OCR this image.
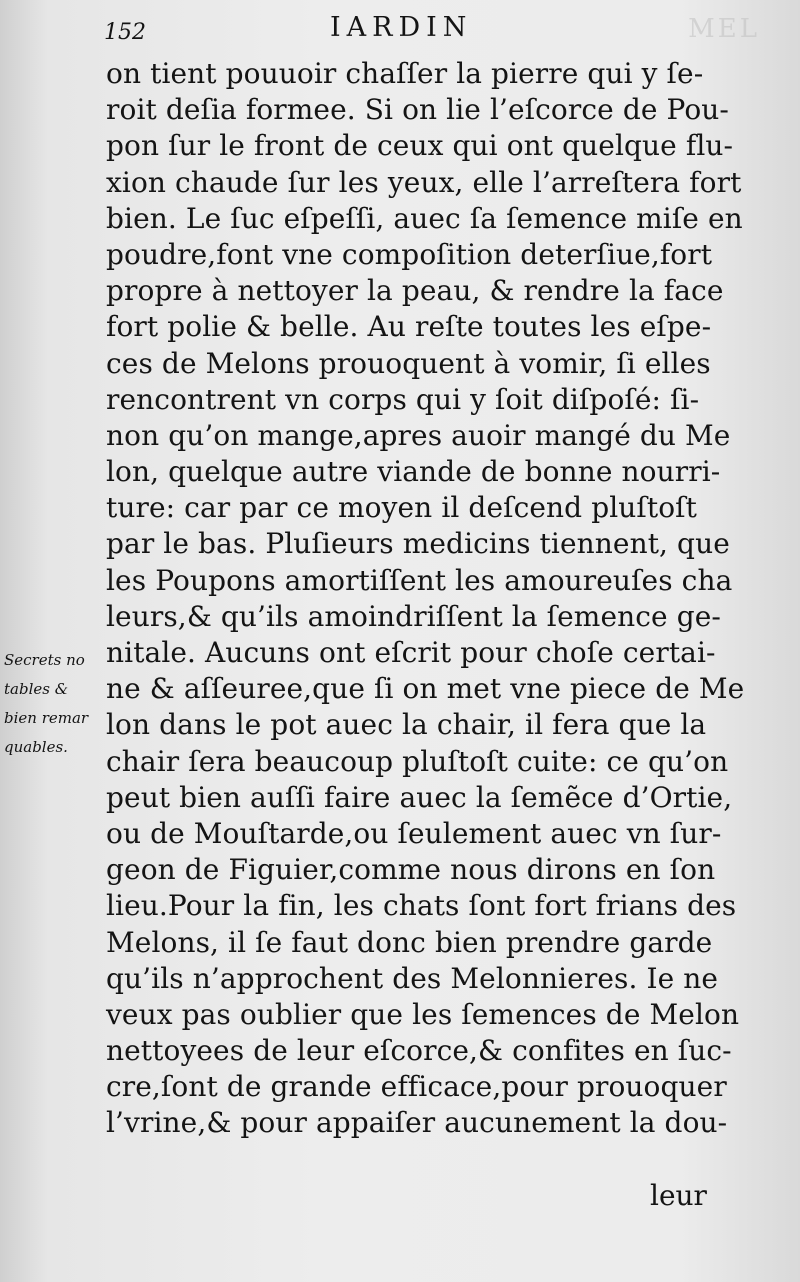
MEL
152	IARDIN
on tient pouuoir chaſſer la pierre qui y ſe-
roit deſia formee. Si on lie l’eſcorce de Pou-
pon ſur le front de ceux qui ont quelque flu-
xion chaude ſur les yeux, elle l’arreſtera fort
bien. Le ſuc eſpeſſi, auec ſa ſemence miſe en
poudre,font vne compoſition deterſiue,fort
propre à nettoyer la peau, & rendre la face
fort polie & belle. Au reſte toutes les eſpe-
ces de Melons prouoquent à vomir, ſi elles
rencontrent vn corps qui y ſoit diſpoſé: ſi-
non qu’on mange,apres auoir mangé du Me
lon, quelque autre viande de bonne nourri-
ture: car par ce moyen il deſcend pluſtoſt
par le bas. Pluſieurs medicins tiennent, que
les Poupons amortiſſent les amoureuſes cha
leurs,& qu’ils amoindriſſent la ſemence ge-
nitale. Aucuns ont eſcrit pour choſe certai-
ne & aſſeuree,que ſi on met vne piece de Me
lon dans le pot auec la chair, il fera que la
chair ſera beaucoup pluſtoſt cuite: ce qu’on
peut bien auſſi faire auec la ſemẽce d’Ortie,
ou de Mouſtarde,ou ſeulement auec vn ſur-
geon de Figuier,comme nous dirons en ſon
lieu.Pour la fin, les chats ſont fort frians des
Melons, il ſe faut donc bien prendre garde
qu’ils n’approchent des Melonnieres. Ie ne
veux pas oublier que les ſemences de Melon
nettoyees de leur eſcorce,& confites en ſuc-
cre,ſont de grande efficace,pour prouoquer
l’vrine,& pour appaiſer aucunement la dou-
Secrets no
tables &
bien remar
quables.
leur
